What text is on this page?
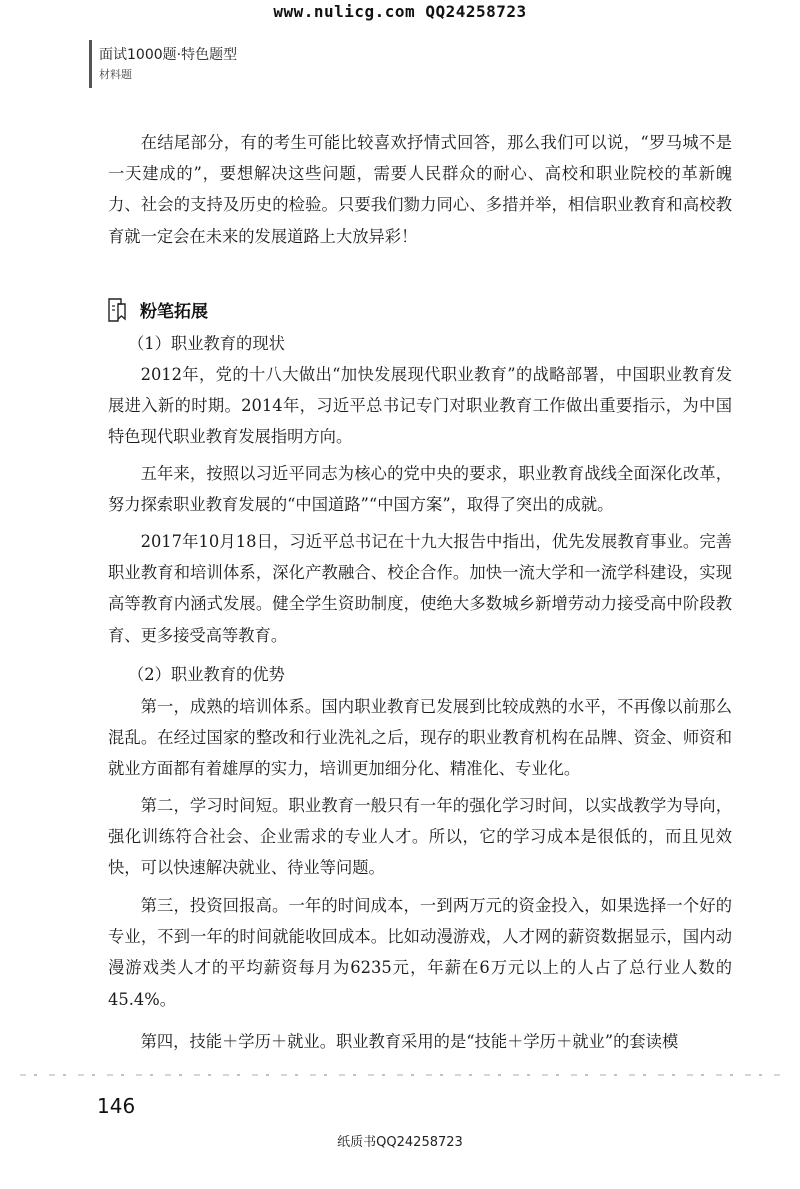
www.nulicg.com QQ24258723
面试1000题·特色题型
材料题

在结尾部分，有的考生可能比较喜欢抒情式回答，那么我们可以说，“罗马城不是一天建成的”，要想解决这些问题，需要人民群众的耐心、高校和职业院校的革新魄力、社会的支持及历史的检验。只要我们勠力同心、多措并举，相信职业教育和高校教育就一定会在未来的发展道路上大放异彩！

粉笔拓展

（1）职业教育的现状

2012年，党的十八大做出“加快发展现代职业教育”的战略部署，中国职业教育发展进入新的时期。2014年，习近平总书记专门对职业教育工作做出重要指示，为中国特色现代职业教育发展指明方向。

五年来，按照以习近平同志为核心的党中央的要求，职业教育战线全面深化改革，努力探索职业教育发展的“中国道路”“中国方案”，取得了突出的成就。

2017年10月18日，习近平总书记在十九大报告中指出，优先发展教育事业。完善职业教育和培训体系，深化产教融合、校企合作。加快一流大学和一流学科建设，实现高等教育内涵式发展。健全学生资助制度，使绝大多数城乡新增劳动力接受高中阶段教育、更多接受高等教育。

（2）职业教育的优势

第一，成熟的培训体系。国内职业教育已发展到比较成熟的水平，不再像以前那么混乱。在经过国家的整改和行业洗礼之后，现存的职业教育机构在品牌、资金、师资和就业方面都有着雄厚的实力，培训更加细分化、精准化、专业化。

第二，学习时间短。职业教育一般只有一年的强化学习时间，以实战教学为导向，强化训练符合社会、企业需求的专业人才。所以，它的学习成本是很低的，而且见效快，可以快速解决就业、待业等问题。

第三，投资回报高。一年的时间成本，一到两万元的资金投入，如果选择一个好的专业，不到一年的时间就能收回成本。比如动漫游戏，人才网的薪资数据显示，国内动漫游戏类人才的平均薪资每月为6235元，年薪在6万元以上的人占了总行业人数的45.4%。

第四，技能＋学历＋就业。职业教育采用的是“技能＋学历＋就业”的套读模

146
纸质书QQ24258723
